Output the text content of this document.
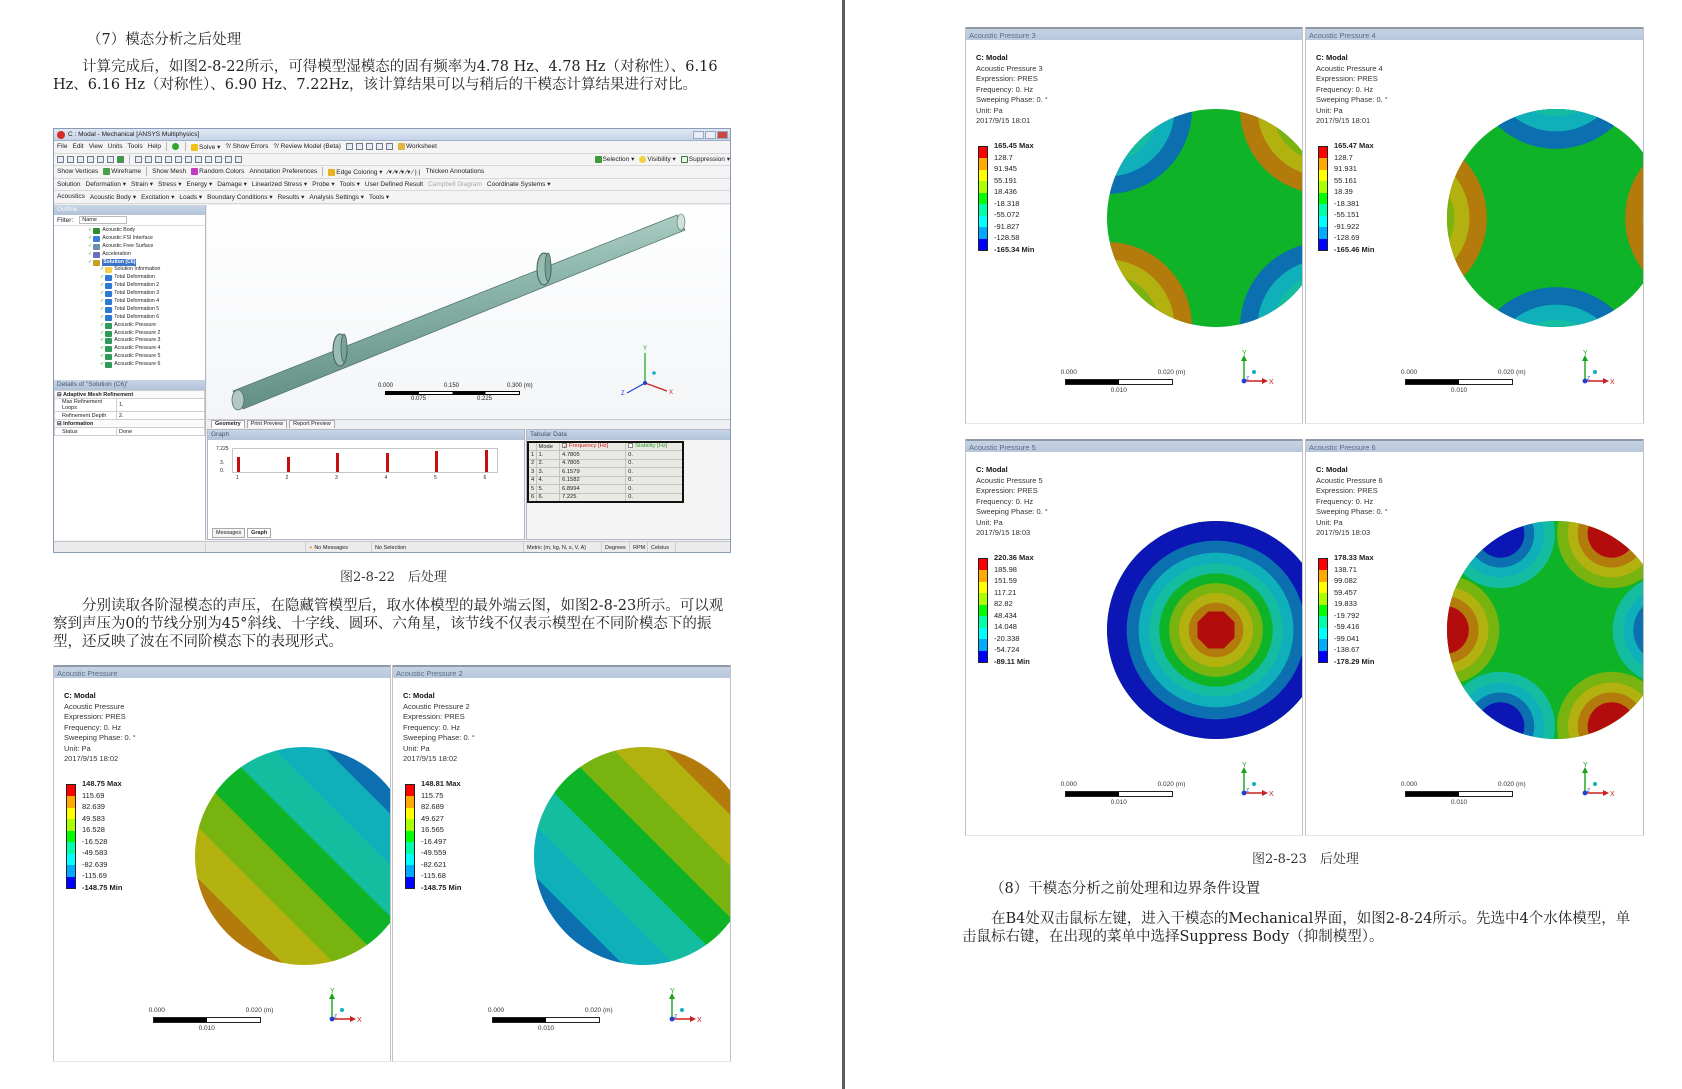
（7）模态分析之后处理
计算完成后，如图2-8-22所示，可得模型湿模态的固有频率为4.78 Hz、4.78 Hz（对称性）、6.16 Hz、6.16 Hz（对称性）、6.90 Hz、7.22Hz，该计算结果可以与稍后的干模态计算结果进行对比。
C : Modal - Mechanical [ANSYS Multiphysics]
File Edit View Units Tools Help	Solve ▾ ?/ Show Errors ?/ Review Model (Beta)	Worksheet
Selection ▾	Visibility ▾	Suppression ▾
Show Vertices	Wireframe Show Mesh	Random Colors Annotation Preferences	Edge Coloring ▾ ⁄▾ ⁄▾ ⁄▾ ⁄▾ ⁄ |·| Thicken Annotations
Solution Deformation ▾ Strain ▾ Stress ▾ Energy ▾ Damage ▾ Linearized Stress ▾ Probe ▾ Tools ▾ User Defined Result Campbell Diagram Coordinate Systems ▾
Acoustics Acoustic Body ▾ Excitation ▾ Loads ▾ Boundary Conditions ▾ Results ▾ Analysis Settings ▾ Tools ▾
Outline
Filter:	Name
✓ Acoustic Body
✓ Acoustic FSI Interface
✓ Acoustic Free Surface
✓ Acceleration
✓ Solution (C6)
✓ Solution Information
✓ Total Deformation
✓ Total Deformation 2
✓ Total Deformation 3
✓ Total Deformation 4
✓ Total Deformation 5
✓ Total Deformation 6
✓ Acoustic Pressure
✓ Acoustic Pressure 2
✓ Acoustic Pressure 3
✓ Acoustic Pressure 4
✓ Acoustic Pressure 5
✓ Acoustic Pressure 6
Details of "Solution (C6)"
⊟ Adaptive Mesh Refinement	
Max Refinement Loops	1.
Refinement Depth	2.
⊟ Information	
Status	Done
Y
X
Z
0.000	0.150	0.300 (m)
0.075	0.225
Geometry	Print Preview	Report Preview
Graph
7.225
3.
0.
1	2	3	4	5	6
Messages	Graph
Tabular Data
	Mode	✓Frequency [Hz]	Stability [Hz]
1	1.	4.7805	0.
2	2.	4.7805	0.
3	3.	6.1579	0.
4	4.	6.1582	0.
5	5.	6.8994	0.
6	6.	7.225	0.
● No Messages	No Selection	Metric (m, kg, N, s, V, A)	Degrees	RPM	Celsius
图2-8-22　后处理
分别读取各阶湿模态的声压，在隐藏管模型后，取水体模型的最外端云图，如图2-8-23所示。可以观察到声压为0的节线分别为45°斜线、十字线、圆环、六角星，该节线不仅表示模型在不同阶模态下的振型，还反映了波在不同阶模态下的表现形式。
Acoustic Pressure
C: Modal
Acoustic Pressure
Expression: PRES
Frequency: 0. Hz
Sweeping Phase: 0. °
Unit: Pa
2017/9/15 18:02
148.75 Max
115.69
82.639
49.583
16.528
-16.528
-49.583
-82.639
-115.69
-148.75 Min
0.000	0.020 (m)
0.010
Y
X
Z
Acoustic Pressure 2
C: Modal
Acoustic Pressure 2
Expression: PRES
Frequency: 0. Hz
Sweeping Phase: 0. °
Unit: Pa
2017/9/15 18:02
148.81 Max
115.75
82.689
49.627
16.565
-16.497
-49.559
-82.621
-115.68
-148.75 Min
0.000	0.020 (m)
0.010
Y
X
Z
Acoustic Pressure 3
C: Modal
Acoustic Pressure 3
Expression: PRES
Frequency: 0. Hz
Sweeping Phase: 0. °
Unit: Pa
2017/9/15 18:01
165.45 Max
128.7
91.945
55.191
18.436
-18.318
-55.072
-91.827
-128.58
-165.34 Min
0.000	0.020 (m)
0.010
Y
X
Z
Acoustic Pressure 4
C: Modal
Acoustic Pressure 4
Expression: PRES
Frequency: 0. Hz
Sweeping Phase: 0. °
Unit: Pa
2017/9/15 18:01
165.47 Max
128.7
91.931
55.161
18.39
-18.381
-55.151
-91.922
-128.69
-165.46 Min
0.000	0.020 (m)
0.010
Y
X
Z
Acoustic Pressure 5
C: Modal
Acoustic Pressure 5
Expression: PRES
Frequency: 0. Hz
Sweeping Phase: 0. °
Unit: Pa
2017/9/15 18:03
220.36 Max
185.98
151.59
117.21
82.82
48.434
14.048
-20.338
-54.724
-89.11 Min
0.000	0.020 (m)
0.010
Y
X
Z
Acoustic Pressure 6
C: Modal
Acoustic Pressure 6
Expression: PRES
Frequency: 0. Hz
Sweeping Phase: 0. °
Unit: Pa
2017/9/15 18:03
178.33 Max
138.71
99.082
59.457
19.833
-19.792
-59.416
-99.041
-138.67
-178.29 Min
0.000	0.020 (m)
0.010
Y
X
Z
图2-8-23　后处理
（8）干模态分析之前处理和边界条件设置
在B4处双击鼠标左键，进入干模态的Mechanical界面，如图2-8-24所示。先选中4个水体模型，单击鼠标右键，在出现的菜单中选择Suppress Body（抑制模型）。
